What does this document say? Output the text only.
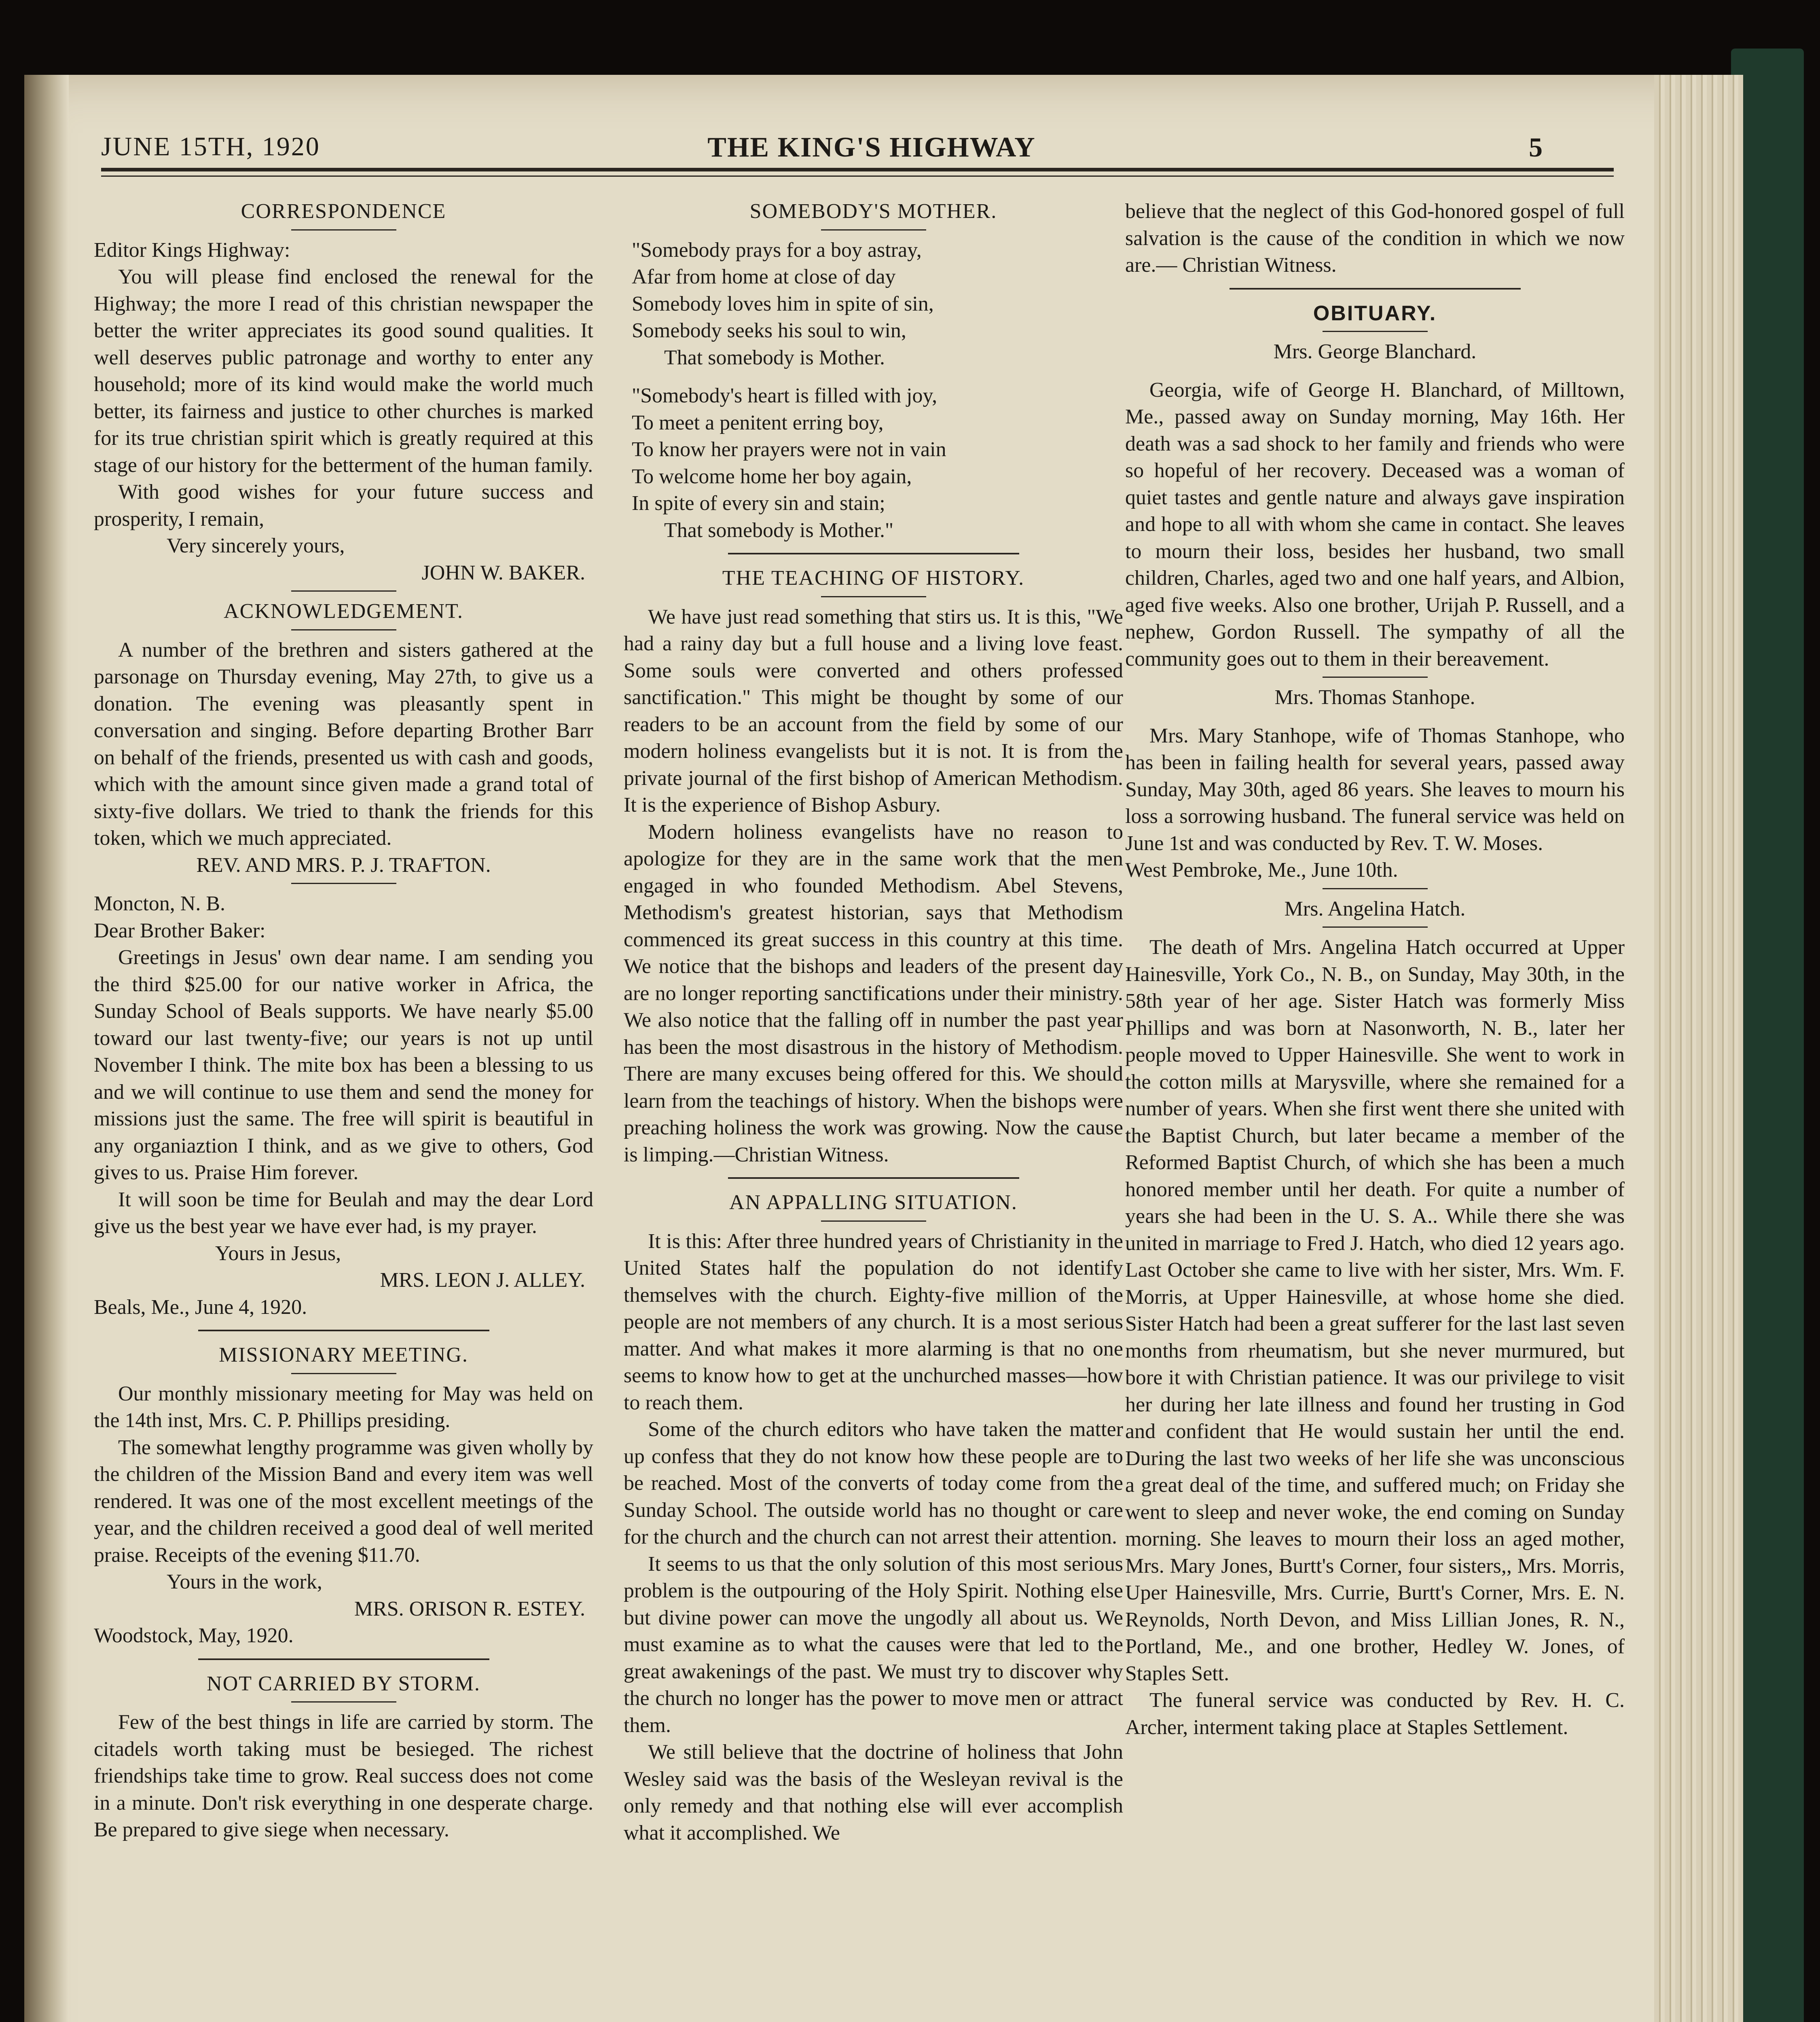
JUNE 15TH, 1920	THE KING'S HIGHWAY	5

CORRESPONDENCE

Editor Kings Highway:

You will please find enclosed the renewal for the Highway; the more I read of this christian newspaper the better the writer appreciates its good sound qualities. It well deserves public patronage and worthy to enter any household; more of its kind would make the world much better, its fairness and justice to other churches is marked for its true christian spirit which is greatly required at this stage of our history for the betterment of the human family.

With good wishes for your future success and prosperity, I remain,

Very sincerely yours,

JOHN W. BAKER.

ACKNOWLEDGEMENT.

A number of the brethren and sisters gathered at the parsonage on Thursday evening, May 27th, to give us a donation. The evening was pleasantly spent in conversation and singing. Before departing Brother Barr on behalf of the friends, presented us with cash and goods, which with the amount since given made a grand total of sixty-five dollars. We tried to thank the friends for this token, which we much appreciated.

REV. AND MRS. P. J. TRAFTON.

Moncton, N. B.

Dear Brother Baker:

Greetings in Jesus' own dear name. I am sending you the third $25.00 for our native worker in Africa, the Sunday School of Beals supports. We have nearly $5.00 toward our last twenty-five; our years is not up until November I think. The mite box has been a blessing to us and we will continue to use them and send the money for missions just the same. The free will spirit is beautiful in any organiaztion I think, and as we give to others, God gives to us. Praise Him forever.

It will soon be time for Beulah and may the dear Lord give us the best year we have ever had, is my prayer.

Yours in Jesus,

MRS. LEON J. ALLEY.

Beals, Me., June 4, 1920.

MISSIONARY MEETING.

Our monthly missionary meeting for May was held on the 14th inst, Mrs. C. P. Phillips presiding.

The somewhat lengthy programme was given wholly by the children of the Mission Band and every item was well rendered. It was one of the most excellent meetings of the year, and the children received a good deal of well merited praise. Receipts of the evening $11.70.

Yours in the work,

MRS. ORISON R. ESTEY.

Woodstock, May, 1920.

NOT CARRIED BY STORM.

Few of the best things in life are carried by storm. The citadels worth taking must be besieged. The richest friendships take time to grow. Real success does not come in a minute. Don't risk everything in one desperate charge. Be prepared to give siege when necessary.

SOMEBODY'S MOTHER.

"Somebody prays for a boy astray,
Afar from home at close of day
Somebody loves him in spite of sin,
Somebody seeks his soul to win,
That somebody is Mother.
"Somebody's heart is filled with joy,
To meet a penitent erring boy,
To know her prayers were not in vain
To welcome home her boy again,
In spite of every sin and stain;
That somebody is Mother."

THE TEACHING OF HISTORY.

We have just read something that stirs us. It is this, "We had a rainy day but a full house and a living love feast. Some souls were converted and others professed sanctification." This might be thought by some of our readers to be an account from the field by some of our modern holiness evangelists but it is not. It is from the private journal of the first bishop of American Methodism. It is the experience of Bishop Asbury.

Modern holiness evangelists have no reason to apologize for they are in the same work that the men engaged in who founded Methodism. Abel Stevens, Methodism's greatest historian, says that Methodism commenced its great success in this country at this time. We notice that the bishops and leaders of the present day are no longer reporting sanctifications under their ministry. We also notice that the falling off in number the past year has been the most disastrous in the history of Methodism. There are many excuses being offered for this. We should learn from the teachings of history. When the bishops were preaching holiness the work was growing. Now the cause is limping.—Christian Witness.

AN APPALLING SITUATION.

It is this: After three hundred years of Christianity in the United States half the population do not identify themselves with the church. Eighty-five million of the people are not members of any church. It is a most serious matter. And what makes it more alarming is that no one seems to know how to get at the unchurched masses—how to reach them.

Some of the church editors who have taken the matter up confess that they do not know how these people are to be reached. Most of the converts of today come from the Sunday School. The outside world has no thought or care for the church and the church can not arrest their attention.

It seems to us that the only solution of this most serious problem is the outpouring of the Holy Spirit. Nothing else but divine power can move the ungodly all about us. We must examine as to what the causes were that led to the great awakenings of the past. We must try to discover why the church no longer has the power to move men or attract them.

We still believe that the doctrine of holiness that John Wesley said was the basis of the Wesleyan revival is the only remedy and that nothing else will ever accomplish what it accomplished. We

believe that the neglect of this God-honored gospel of full salvation is the cause of the condition in which we now are.— Christian Witness.

OBITUARY.

Mrs. George Blanchard.

Georgia, wife of George H. Blanchard, of Milltown, Me., passed away on Sunday morning, May 16th. Her death was a sad shock to her family and friends who were so hopeful of her recovery. Deceased was a woman of quiet tastes and gentle nature and always gave inspiration and hope to all with whom she came in contact. She leaves to mourn their loss, besides her husband, two small children, Charles, aged two and one half years, and Albion, aged five weeks. Also one brother, Urijah P. Russell, and a nephew, Gordon Russell. The sympathy of all the community goes out to them in their bereavement.

Mrs. Thomas Stanhope.

Mrs. Mary Stanhope, wife of Thomas Stanhope, who has been in failing health for several years, passed away Sunday, May 30th, aged 86 years. She leaves to mourn his loss a sorrowing husband. The funeral service was held on June 1st and was conducted by Rev. T. W. Moses.

West Pembroke, Me., June 10th.

Mrs. Angelina Hatch.

The death of Mrs. Angelina Hatch occurred at Upper Hainesville, York Co., N. B., on Sunday, May 30th, in the 58th year of her age. Sister Hatch was formerly Miss Phillips and was born at Nasonworth, N. B., later her people moved to Upper Hainesville. She went to work in the cotton mills at Marysville, where she remained for a number of years. When she first went there she united with the Baptist Church, but later became a member of the Reformed Baptist Church, of which she has been a much honored member until her death. For quite a number of years she had been in the U. S. A.. While there she was united in marriage to Fred J. Hatch, who died 12 years ago. Last October she came to live with her sister, Mrs. Wm. F. Morris, at Upper Hainesville, at whose home she died. Sister Hatch had been a great sufferer for the last last seven months from rheumatism, but she never murmured, but bore it with Christian patience. It was our privilege to visit her during her late illness and found her trusting in God and confident that He would sustain her until the end. During the last two weeks of her life she was unconscious a great deal of the time, and suffered much; on Friday she went to sleep and never woke, the end coming on Sunday morning. She leaves to mourn their loss an aged mother, Mrs. Mary Jones, Burtt's Corner, four sisters,, Mrs. Morris, Uper Hainesville, Mrs. Currie, Burtt's Corner, Mrs. E. N. Reynolds, North Devon, and Miss Lillian Jones, R. N., Portland, Me., and one brother, Hedley W. Jones, of Staples Sett.

The funeral service was conducted by Rev. H. C. Archer, interment taking place at Staples Settlement.
